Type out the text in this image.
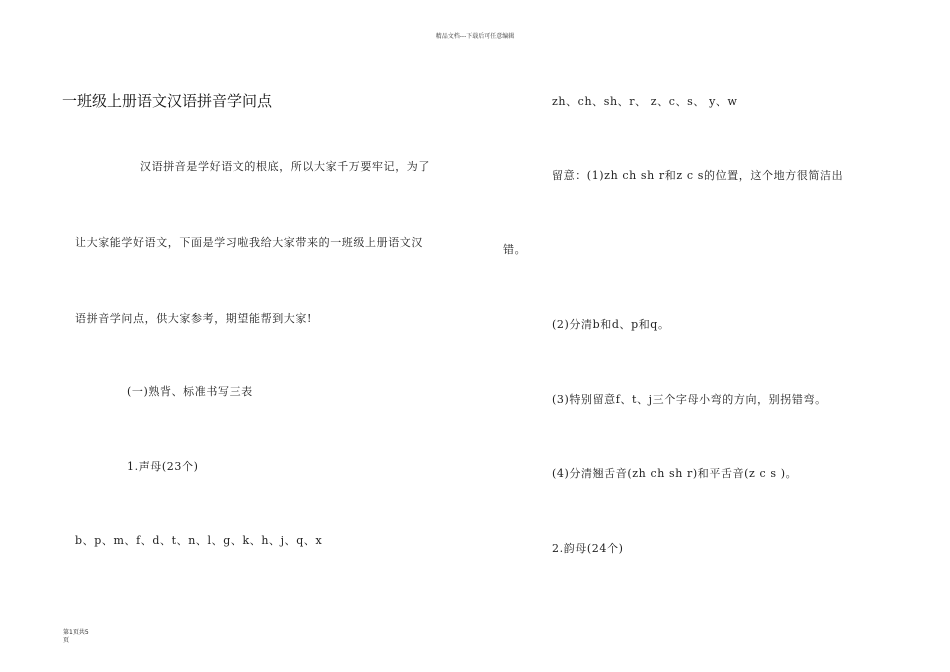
精品文档---下载后可任意编辑
一班级上册语文汉语拼音学问点

汉语拼音是学好语文的根底，所以大家千万要牢记，为了

让大家能学好语文，下面是学习啦我给大家带来的一班级上册语文汉

语拼音学问点，供大家参考，期望能帮到大家!

(一)熟背、标准书写三表

1.声母(23个)

b、p、m、f、d、t、n、l、g、k、h、j、q、x

zh、ch、sh、r、 z、c、s、 y、w

留意：(1)zh ch sh r和z c s的位置，这个地方很简洁出

错。

(2)分清b和d、p和q。

(3)特别留意f、t、j三个字母小弯的方向，别拐错弯。

(4)分清翘舌音(zh ch sh r)和平舌音(z c s )。

2.韵母(24个)

第1页共5
页
